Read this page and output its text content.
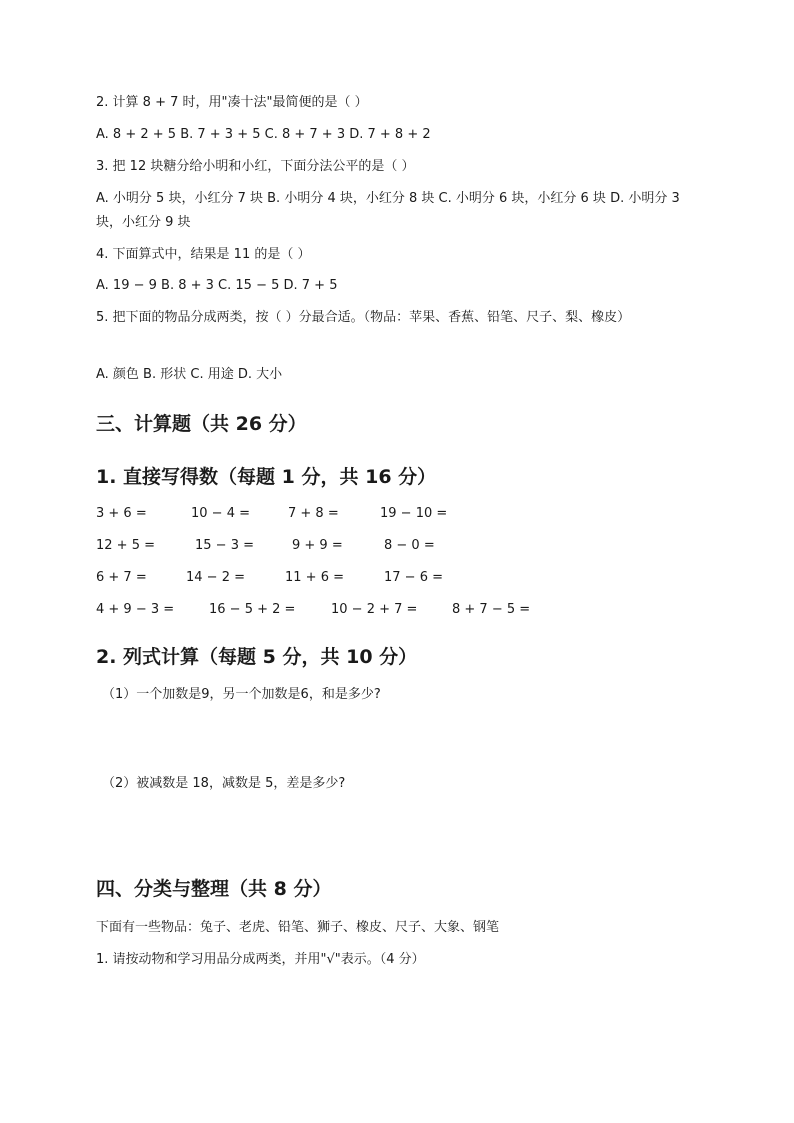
2. 计算 8 + 7 时，用"凑十法"最简便的是（ ）
A. 8 + 2 + 5 B. 7 + 3 + 5 C. 8 + 7 + 3 D. 7 + 8 + 2
3. 把 12 块糖分给小明和小红，下面分法公平的是（ ）
A. 小明分 5 块，小红分 7 块 B. 小明分 4 块，小红分 8 块 C. 小明分 6 块，小红分 6 块 D. 小明分 3 块，小红分 9 块
4. 下面算式中，结果是 11 的是（ ）
A. 19 − 9 B. 8 + 3 C. 15 − 5 D. 7 + 5
5. 把下面的物品分成两类，按（ ）分最合适。（物品：苹果、香蕉、铅笔、尺子、梨、橡皮）
A. 颜色 B. 形状 C. 用途 D. 大小
三、计算题（共 26 分）
1. 直接写得数（每题 1 分，共 16 分）
3 + 6 =	10 − 4 =	7 + 8 =	19 − 10 =
12 + 5 =	15 − 3 =	9 + 9 =	8 − 0 =
6 + 7 =	14 − 2 =	11 + 6 =	17 − 6 =
4 + 9 − 3 =	16 − 5 + 2 =	10 − 2 + 7 =	8 + 7 − 5 =
2. 列式计算（每题 5 分，共 10 分）
（1）一个加数是9，另一个加数是6，和是多少?
（2）被减数是 18，减数是 5，差是多少?
四、分类与整理（共 8 分）
下面有一些物品：兔子、老虎、铅笔、狮子、橡皮、尺子、大象、钢笔
1. 请按动物和学习用品分成两类，并用"√"表示。（4 分）
